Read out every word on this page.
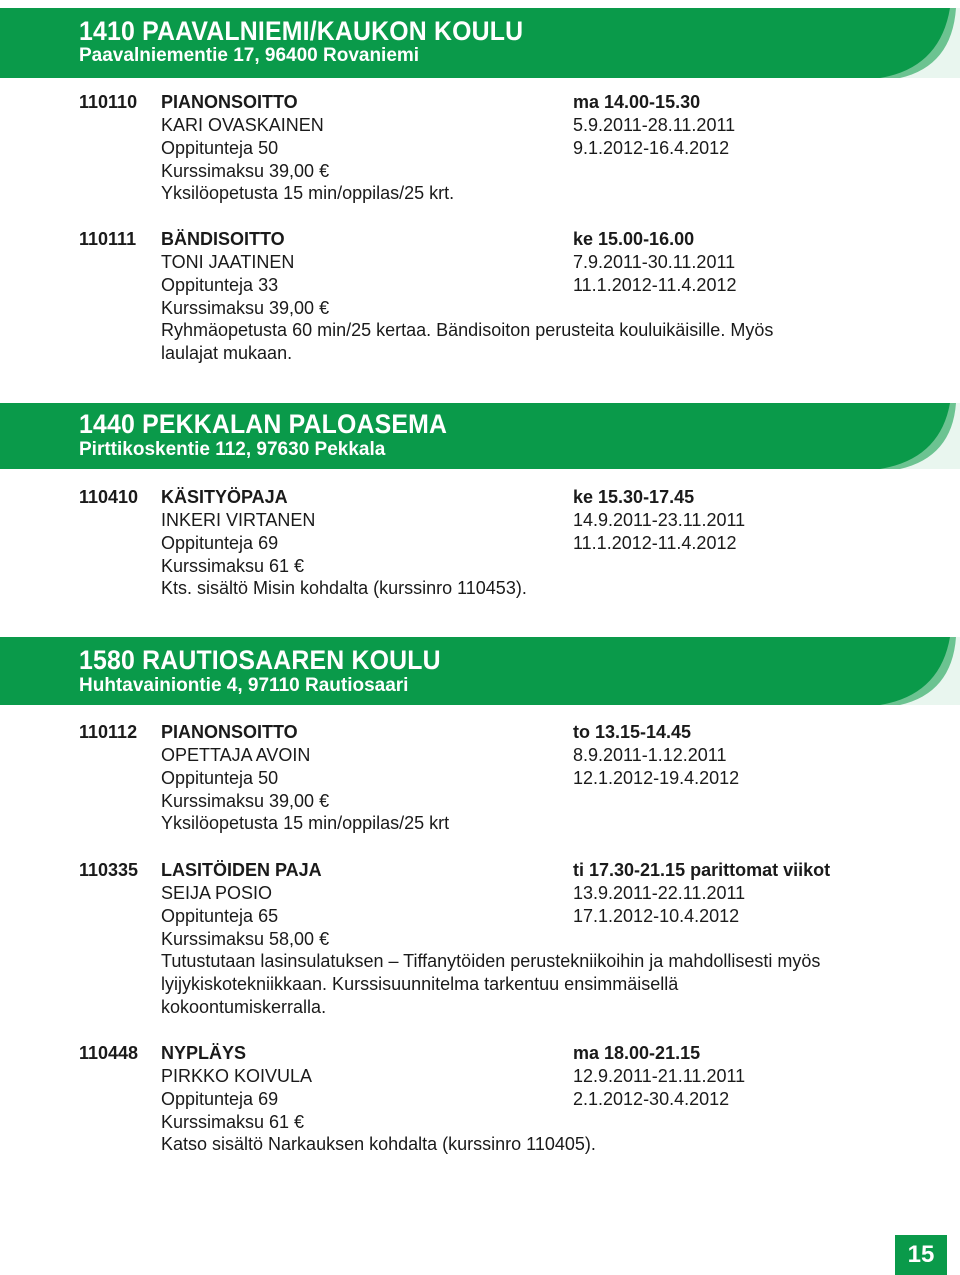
1410 PAAVALNIEMI/KAUKON KOULU
Paavalniementie 17, 96400 Rovaniemi
110110 PIANONSOITTO	ma 14.00-15.30
KARI OVASKAINEN	5.9.2011-28.11.2011
Oppitunteja 50	9.1.2012-16.4.2012
Kurssimaksu 39,00 €
Yksilöopetusta 15 min/oppilas/25 krt.
110111 BÄNDISOITTO	ke 15.00-16.00
TONI JAATINEN	7.9.2011-30.11.2011
Oppitunteja 33	11.1.2012-11.4.2012
Kurssimaksu 39,00 €
Ryhmäopetusta 60 min/25 kertaa. Bändisoiton perusteita kouluikäisille. Myös laulajat mukaan.
1440 PEKKALAN PALOASEMA
Pirttikoskentie 112, 97630 Pekkala
110410 KÄSITYÖPAJA	ke 15.30-17.45
INKERI VIRTANEN	14.9.2011-23.11.2011
Oppitunteja 69	11.1.2012-11.4.2012
Kurssimaksu 61 €
Kts. sisältö Misin kohdalta (kurssinro 110453).
1580 RAUTIOSAAREN KOULU
Huhtavainiontie 4, 97110 Rautiosaari
110112 PIANONSOITTO	to 13.15-14.45
OPETTAJA AVOIN	8.9.2011-1.12.2011
Oppitunteja 50	12.1.2012-19.4.2012
Kurssimaksu 39,00 €
Yksilöopetusta 15 min/oppilas/25 krt
110335 LASITÖIDEN PAJA	ti 17.30-21.15 parittomat viikot
SEIJA POSIO	13.9.2011-22.11.2011
Oppitunteja 65	17.1.2012-10.4.2012
Kurssimaksu 58,00 €
Tutustutaan lasinsulatuksen – Tiffanytöiden perustekniikoihin ja mahdollisesti myös lyijykiskotekniikkaan. Kurssisuunnitelma tarkentuu ensimmäisellä kokoontumiskerralla.
110448 NYPLÄYS	ma 18.00-21.15
PIRKKO KOIVULA	12.9.2011-21.11.2011
Oppitunteja 69	2.1.2012-30.4.2012
Kurssimaksu 61 €
Katso sisältö Narkauksen kohdalta (kurssinro 110405).
15
